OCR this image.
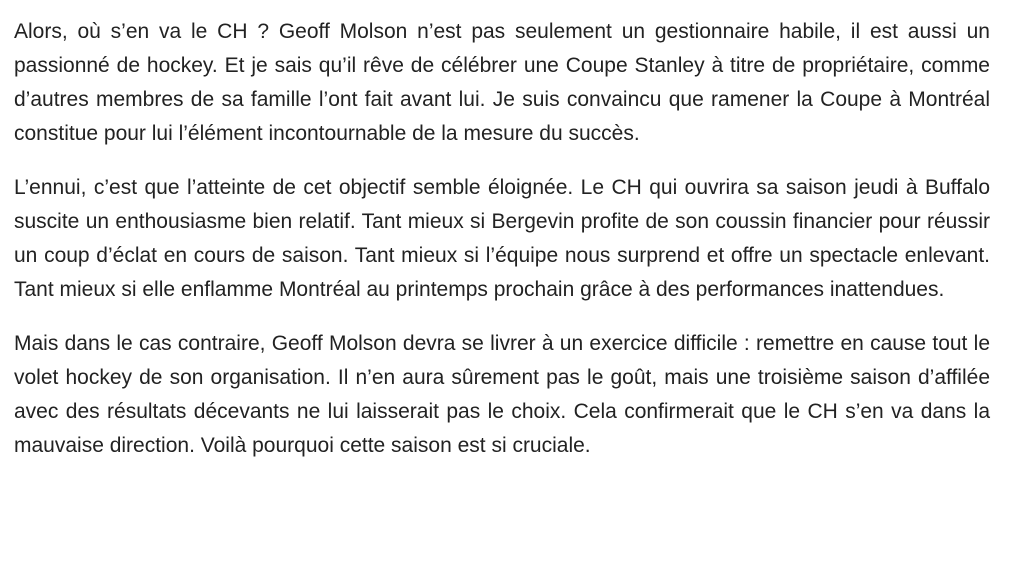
Alors, où s’en va le CH ? Geoff Molson n’est pas seulement un gestionnaire habile, il est aussi un passionné de hockey. Et je sais qu’il rêve de célébrer une Coupe Stanley à titre de propriétaire, comme d’autres membres de sa famille l’ont fait avant lui. Je suis convaincu que ramener la Coupe à Montréal constitue pour lui l’élément incontournable de la mesure du succès.

L’ennui, c’est que l’atteinte de cet objectif semble éloignée. Le CH qui ouvrira sa saison jeudi à Buffalo suscite un enthousiasme bien relatif. Tant mieux si Bergevin profite de son coussin financier pour réussir un coup d’éclat en cours de saison. Tant mieux si l’équipe nous surprend et offre un spectacle enlevant. Tant mieux si elle enflamme Montréal au printemps prochain grâce à des performances inattendues.

Mais dans le cas contraire, Geoff Molson devra se livrer à un exercice difficile : remettre en cause tout le volet hockey de son organisation. Il n’en aura sûrement pas le goût, mais une troisième saison d’affilée avec des résultats décevants ne lui laisserait pas le choix. Cela confirmerait que le CH s’en va dans la mauvaise direction. Voilà pourquoi cette saison est si cruciale.
